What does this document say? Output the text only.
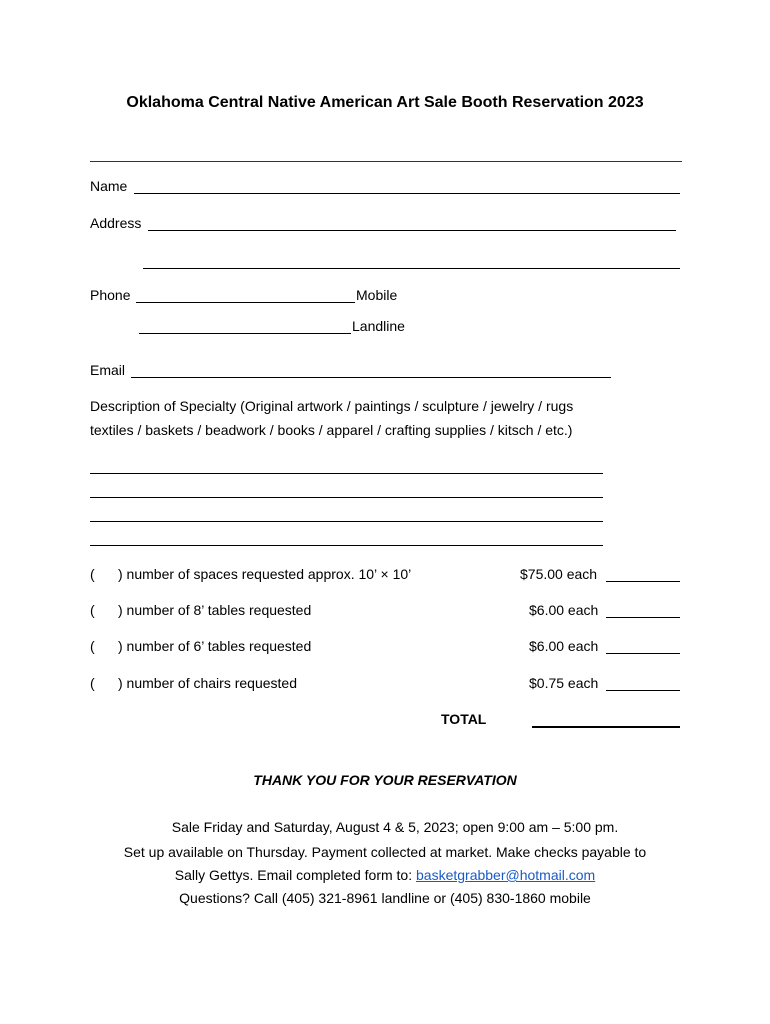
Oklahoma Central Native American Art Sale Booth Reservation 2023
Name
Address
Phone	Mobile
Landline
Email
Description of Specialty (Original artwork / paintings / sculpture / jewelry / rugs
textiles / baskets / beadwork / books / apparel / crafting supplies / kitsch / etc.)
( ) number of spaces requested approx. 10’ × 10’	$75.00 each
( ) number of 8’ tables requested	$6.00 each
( ) number of 6’ tables requested	$6.00 each
( ) number of chairs requested	$0.75 each
TOTAL
THANK YOU FOR YOUR RESERVATION
Sale Friday and Saturday, August 4 & 5, 2023; open 9:00 am – 5:00 pm.
Set up available on Thursday. Payment collected at market. Make checks payable to
Sally Gettys. Email completed form to: basketgrabber@hotmail.com
Questions? Call (405) 321-8961 landline or (405) 830-1860 mobile
